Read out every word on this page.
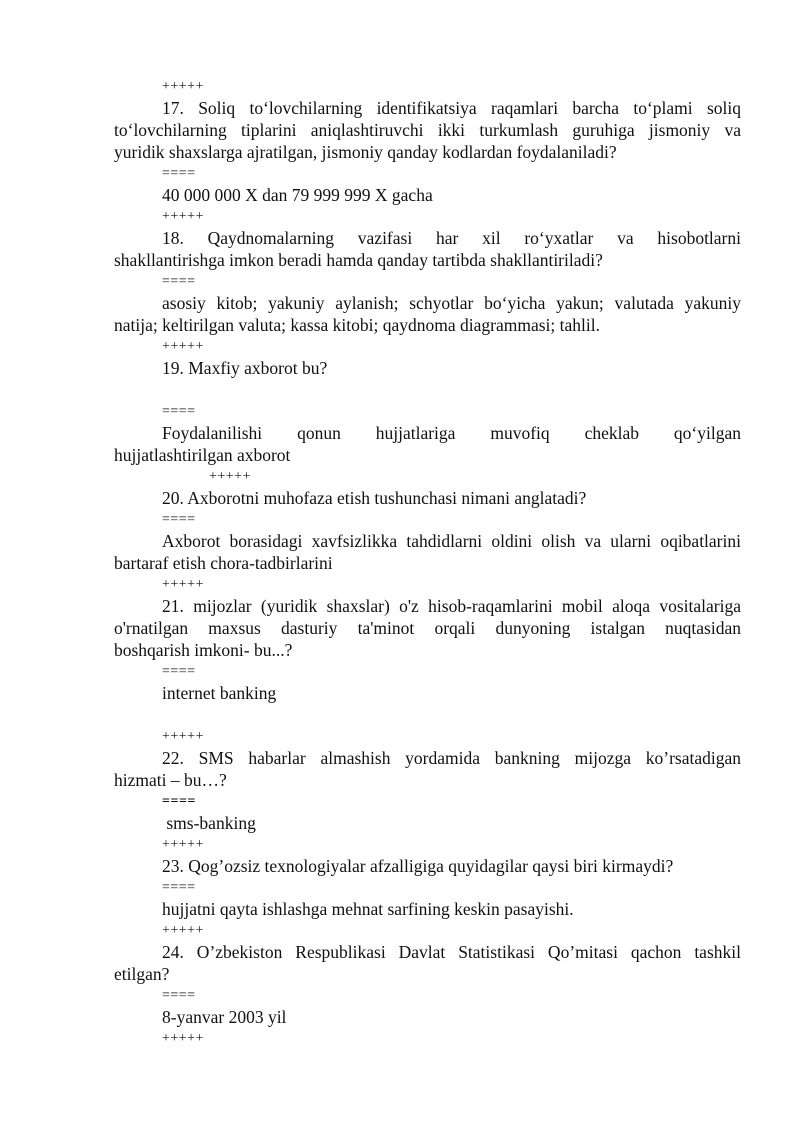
+++++
17. Soliq to‘lovchilarning identifikatsiya raqamlari barcha to‘plami soliq
to‘lovchilarning tiplarini aniqlashtiruvchi ikki turkumlash guruhiga jismoniy va
yuridik shaxslarga ajratilgan, jismoniy qanday kodlardan foydalaniladi?
====
40 000 000 X dan 79 999 999 X gacha
+++++
18. Qaydnomalarning vazifasi har xil ro‘yxatlar va hisobotlarni
shakllantirishga imkon beradi hamda qanday tartibda shakllantiriladi?
====
asosiy kitob; yakuniy aylanish; schyotlar bo‘yicha yakun; valutada yakuniy
natija; keltirilgan valuta; kassa kitobi; qaydnoma diagrammasi; tahlil.
+++++
19. Maxfiy axborot bu?
====
Foydalanilishi qonun hujjatlariga muvofiq cheklab qo‘yilgan
hujjatlashtirilgan axborot
+++++
20. Axborotni muhofaza etish tushunchasi nimani anglatadi?
====
Axborot borasidagi xavfsizlikka tahdidlarni oldini olish va ularni oqibatlarini
bartaraf etish chora-tadbirlarini
+++++
21. mijozlar (yuridik shaxslar) o'z hisob-raqamlarini mobil aloqa vositalariga
o'rnatilgan maxsus dasturiy ta'minot orqali dunyoning istalgan nuqtasidan
boshqarish imkoni- bu...?
====
internet banking
+++++
22. SMS habarlar almashish yordamida bankning mijozga ko’rsatadigan
hizmati – bu…?
====
sms-banking
+++++
23. Qog’ozsiz texnologiyalar afzalligiga quyidagilar qaysi biri kirmaydi?
====
hujjatni qayta ishlashga mehnat sarfining keskin pasayishi.
+++++
24. O’zbekiston Respublikasi Davlat Statistikasi Qo’mitasi qachon tashkil
etilgan?
====
8-yanvar 2003 yil
+++++
